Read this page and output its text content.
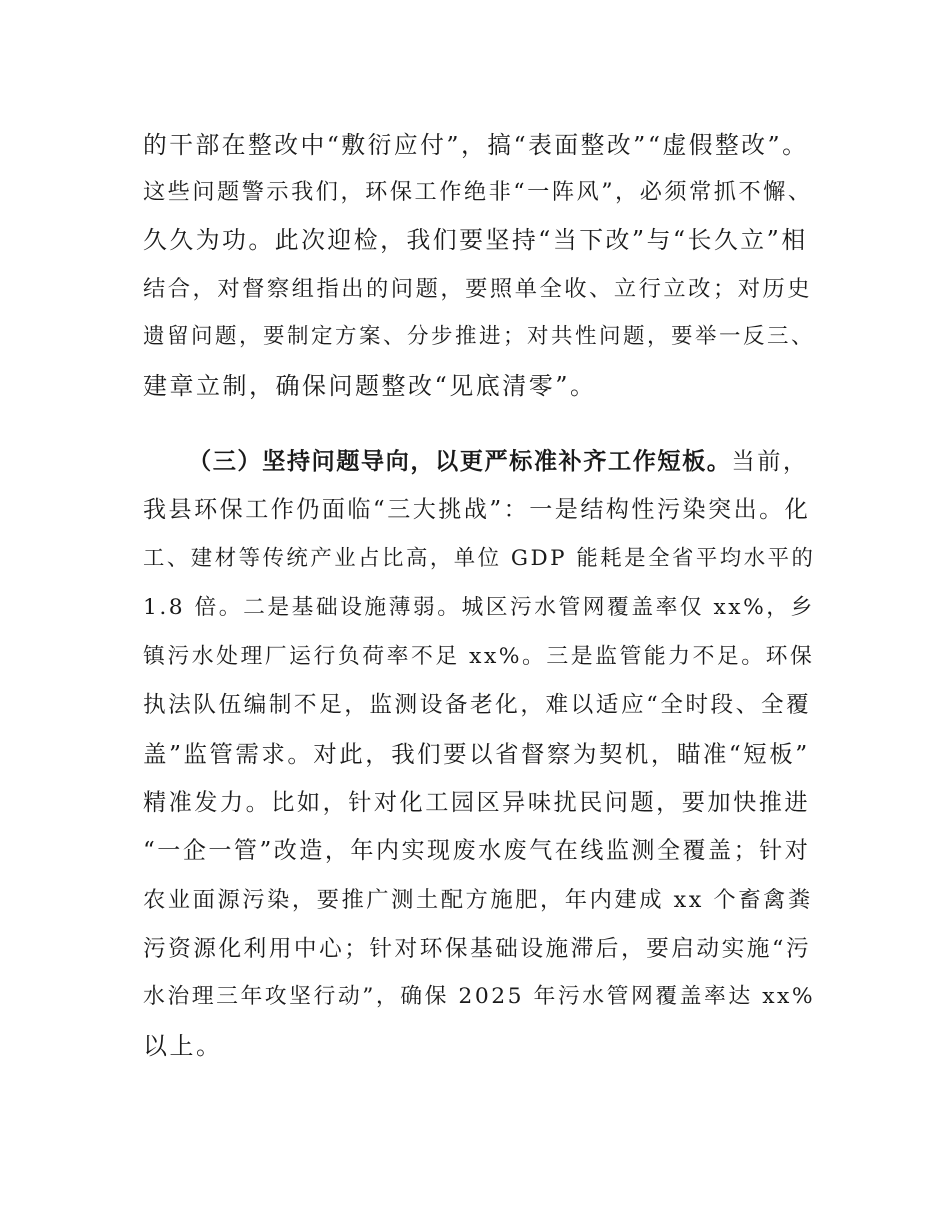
的干部在整改中“敷衍应付”，搞“表面整改”“虚假整改”。
这些问题警示我们，环保工作绝非“一阵风”，必须常抓不懈、
久久为功。此次迎检，我们要坚持“当下改”与“长久立”相
结合，对督察组指出的问题，要照单全收、立行立改；对历史
遗留问题，要制定方案、分步推进；对共性问题，要举一反三、
建章立制，确保问题整改“见底清零”。
（三）坚持问题导向，以更严标准补齐工作短板。当前，
我县环保工作仍面临“三大挑战”：一是结构性污染突出。化
工、建材等传统产业占比高，单位 GDP 能耗是全省平均水平的
1.8 倍。二是基础设施薄弱。城区污水管网覆盖率仅 xx%，乡
镇污水处理厂运行负荷率不足 xx%。三是监管能力不足。环保
执法队伍编制不足，监测设备老化，难以适应“全时段、全覆
盖”监管需求。对此，我们要以省督察为契机，瞄准“短板”
精准发力。比如，针对化工园区异味扰民问题，要加快推进
“一企一管”改造，年内实现废水废气在线监测全覆盖；针对
农业面源污染，要推广测土配方施肥，年内建成 xx 个畜禽粪
污资源化利用中心；针对环保基础设施滞后，要启动实施“污
水治理三年攻坚行动”，确保 2025 年污水管网覆盖率达 xx%
以上。
